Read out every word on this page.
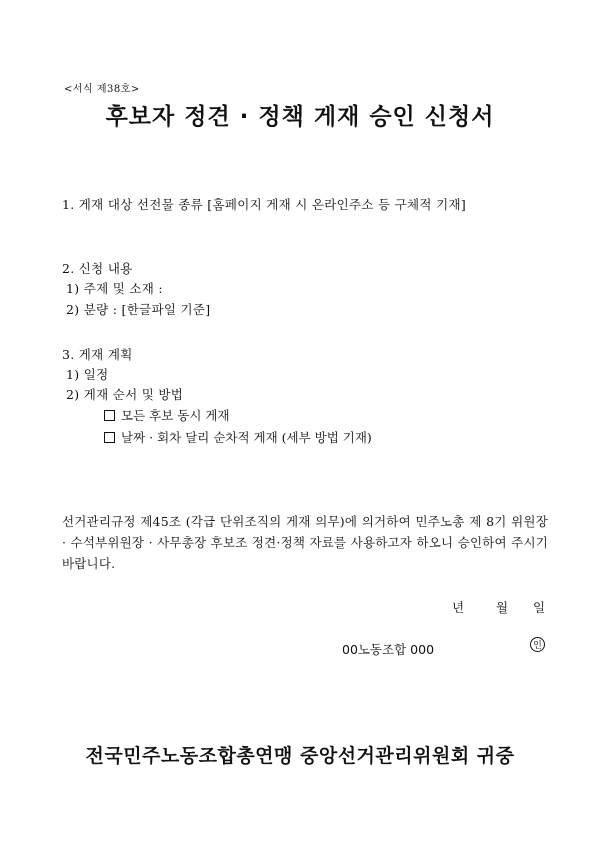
<서식 제38호>
후보자 정견 · 정책 게재 승인 신청서
1. 게재 대상 선전물 종류 [홈페이지 게재 시 온라인주소 등 구체적 기재]
2. 신청 내용
1) 주제 및 소재 :
2) 분량 : [한글파일 기준]
3. 게재 계획
1) 일정
2) 게재 순서 및 방법
모든 후보 동시 게재
날짜 · 회차 달리 순차적 게재 (세부 방법 기재)
선거관리규정 제45조 (각급 단위조직의 게재 의무)에 의거하여 민주노총 제 8기 위원장 · 수석부위원장 · 사무총장 후보조 정견·정책 자료를 사용하고자 하오니 승인하여 주시기 바랍니다.
년	월 일
00노동조합 000	인
전국민주노동조합총연맹 중앙선거관리위원회 귀중
